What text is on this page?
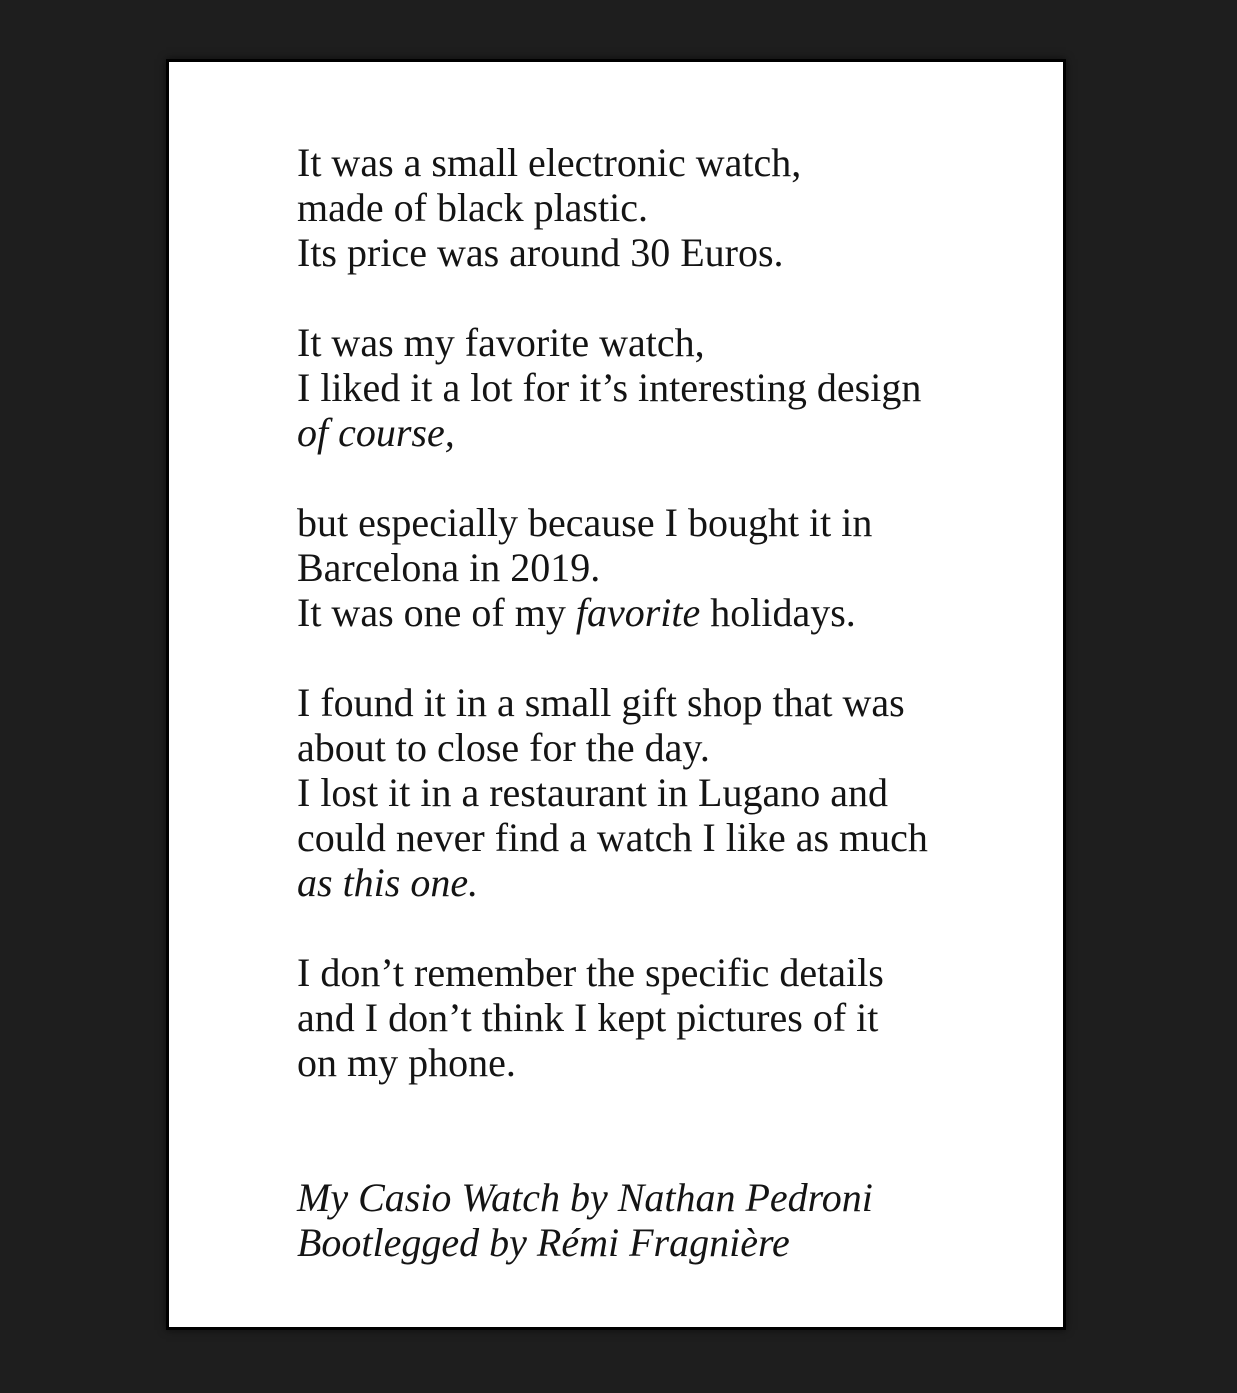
It was a small electronic watch,
made of black plastic.
Its price was around 30 Euros.
It was my favorite watch,
I liked it a lot for it’s interesting design
of course,
but especially because I bought it in
Barcelona in 2019.
It was one of my favorite holidays.
I found it in a small gift shop that was
about to close for the day.
I lost it in a restaurant in Lugano and
could never find a watch I like as much
as this one.
I don’t remember the specific details
and I don’t think I kept pictures of it
on my phone.
My Casio Watch by Nathan Pedroni
Bootlegged by Rémi Fragnière
